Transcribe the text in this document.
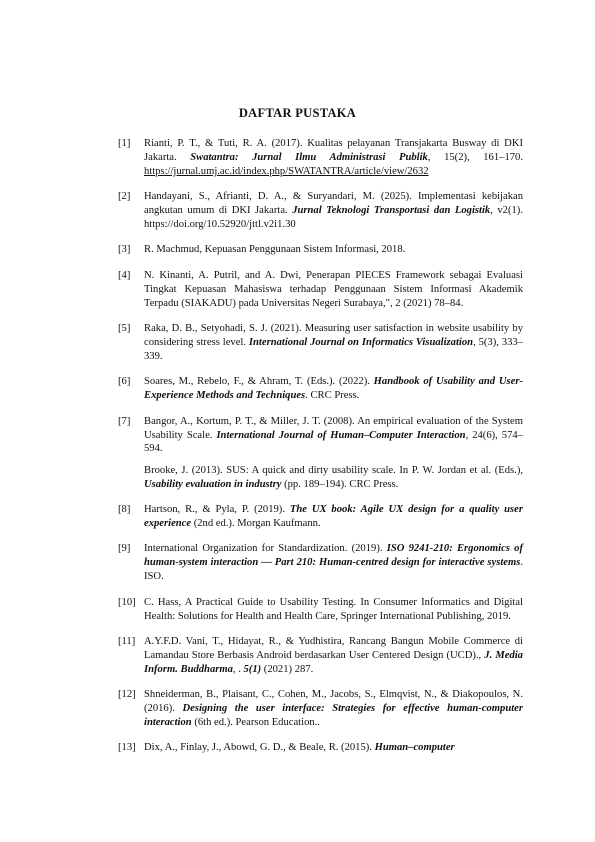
DAFTAR PUSTAKA

[1]	Rianti, P. T., & Tuti, R. A. (2017). Kualitas pelayanan Transjakarta Busway di DKI Jakarta. Swatantra: Jurnal Ilmu Administrasi Publik, 15(2), 161–170. https://jurnal.umj.ac.id/index.php/SWATANTRA/article/view/2632

[2]	Handayani, S., Afrianti, D. A., & Suryandari, M. (2025). Implementasi kebijakan angkutan umum di DKI Jakarta. Jurnal Teknologi Transportasi dan Logistik, v2(1). https://doi.org/10.52920/jttl.v2i1.30

[3]	R. Machmud, Kepuasan Penggunaan Sistem Informasi, 2018.

[4]	N. Kinanti, A. Putril, and A. Dwi, Penerapan PIECES Framework sebagai Evaluasi Tingkat Kepuasan Mahasiswa terhadap Penggunaan Sistem Informasi Akademik Terpadu (SIAKADU) pada Universitas Negeri Surabaya,", 2 (2021) 78–84.

[5]	Raka, D. B., Setyohadi, S. J. (2021). Measuring user satisfaction in website usability by considering stress level. International Journal on Informatics Visualization, 5(3), 333–339.

[6]	Soares, M., Rebelo, F., & Ahram, T. (Eds.). (2022). Handbook of Usability and User-Experience Methods and Techniques. CRC Press.

[7]	Bangor, A., Kortum, P. T., & Miller, J. T. (2008). An empirical evaluation of the System Usability Scale. International Journal of Human–Computer Interaction, 24(6), 574–594.

Brooke, J. (2013). SUS: A quick and dirty usability scale. In P. W. Jordan et al. (Eds.), Usability evaluation in industry (pp. 189–194). CRC Press.

[8]	Hartson, R., & Pyla, P. (2019). The UX book: Agile UX design for a quality user experience (2nd ed.). Morgan Kaufmann.

[9]	International Organization for Standardization. (2019). ISO 9241-210: Ergonomics of human-system interaction — Part 210: Human-centred design for interactive systems. ISO.

[10] C. Hass, A Practical Guide to Usability Testing. In Consumer Informatics and Digital Health: Solutions for Health and Health Care, Springer International Publishing, 2019.

[11] A.Y.F.D. Vani, T., Hidayat, R., & Yudhistira, Rancang Bangun Mobile Commerce di Lamandau Store Berbasis Android berdasarkan User Centered Design (UCD)., J. Media Inform. Buddharma, . 5(1) (2021) 287.

[12] Shneiderman, B., Plaisant, C., Cohen, M., Jacobs, S., Elmqvist, N., & Diakopoulos, N. (2016). Designing the user interface: Strategies for effective human-computer interaction (6th ed.). Pearson Education..

[13] Dix, A., Finlay, J., Abowd, G. D., & Beale, R. (2015). Human–computer
